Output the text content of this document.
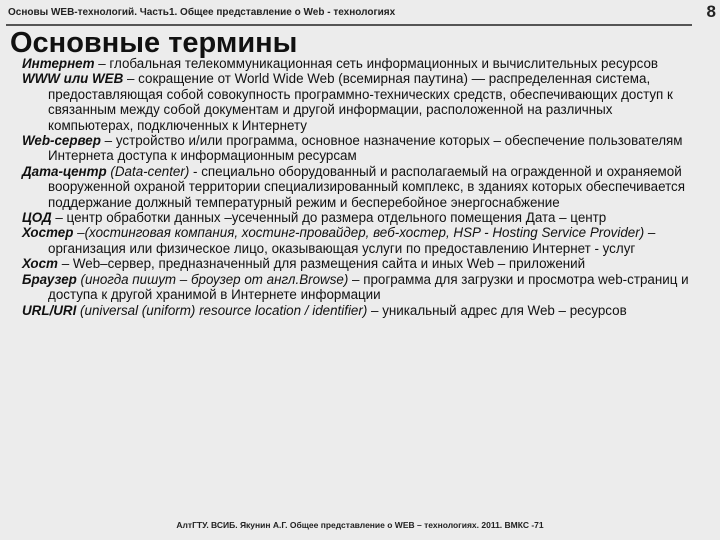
Основы WEB-технологий. Часть1. Общее представление о Web - технологиях	8
Основные термины

Интернет – глобальная телекоммуникационная сеть информационных и вычислительных ресурсов

WWW или WEB – сокращение от World Wide Web (всемирная паутина) — распределенная система, предоставляющая собой совокупность программно-технических средств, обеспечивающих доступ к связанным между собой документам и другой информации, расположенной на различных компьютерах, подключенных к Интернету

Web-сервер – устройство и/или программа, основное назначение которых – обеспечение пользователям Интернета доступа к информационным ресурсам

Дата-центр (Data-center) - специально оборудованный и располагаемый на огражденной и охраняемой вооруженной охраной территории специализированный комплекс, в зданиях которых обеспечивается поддержание должный температурный режим и бесперебойное энергоснабжение

ЦОД – центр обработки данных –усеченный до размера отдельного помещения Дата – центр

Хостер –(хостинговая компания, хостинг-провайдер, веб-хостер, HSP - Hosting Service Provider) – организация или физическое лицо, оказывающая услуги по предоставлению Интернет - услуг

Хост – Web–сервер, предназначенный для размещения сайта и иных Web – приложений

Браузер (иногда пишут – броузер от англ.Browse) – программа для загрузки и просмотра web-страниц и доступа к другой хранимой в Интернете информации

URL/URI (universal (uniform) resource location / identifier) – уникальный адрес для Web – ресурсов

АлтГТУ. ВСИБ. Якунин А.Г. Общее представление о WEB – технологиях. 2011. ВМКС -71
